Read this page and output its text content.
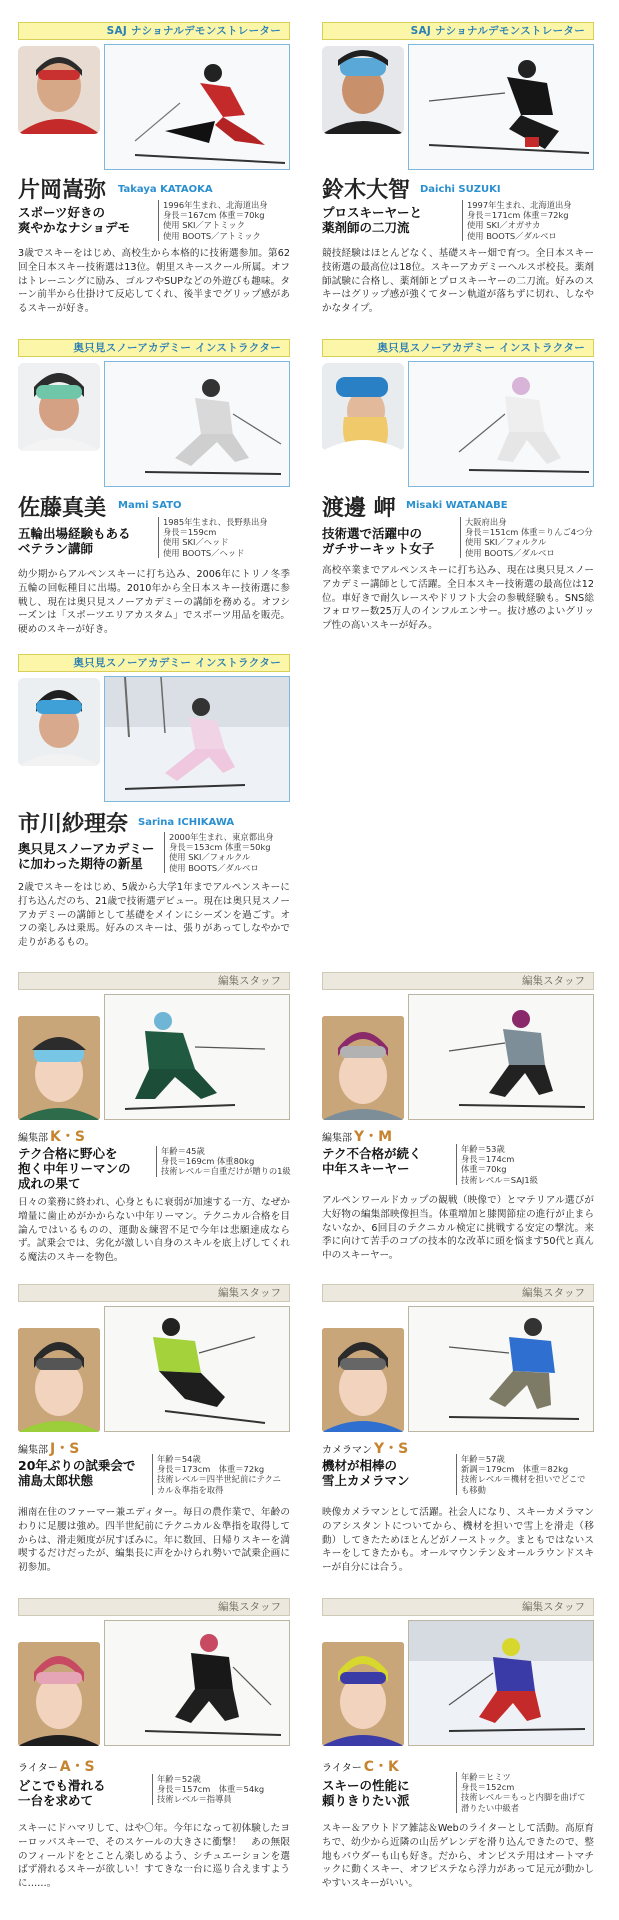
SAJ ナショナルデモンストレーター
片岡嵩弥 Takaya KATAOKA
スポーツ好きの
爽やかなナショデモ
1996年生まれ、北海道出身
身長＝167cm 体重＝70kg
使用 SKI／アトミック
使用 BOOTS／アトミック
3歳でスキーをはじめ、高校生から本格的に技術選参加。第62回全日本スキー技術選は13位。朝里スキースクール所属。オフはトレーニングに励み、ゴルフやSUPなどの外遊びも趣味。ターン前半から仕掛けて反応してくれ、後半までグリップ感があるスキーが好き。
SAJ ナショナルデモンストレーター
鈴木大智 Daichi SUZUKI
プロスキーヤーと
薬剤師の二刀流
1997年生まれ、北海道出身
身長＝171cm 体重＝72kg
使用 SKI／オガサカ
使用 BOOTS／ダルベロ
競技経験はほとんどなく、基礎スキー畑で育つ。全日本スキー技術選の最高位は18位。スキーアカデミーヘルスポ校長。薬剤師試験に合格し、薬剤師とプロスキーヤーの二刀流。好みのスキーはグリップ感が強くてターン軌道が落ちずに切れ、しなやかなタイプ。
奥只見スノーアカデミー インストラクター
佐藤真美 Mami SATO
五輪出場経験もある
ベテラン講師
1985年生まれ、長野県出身
身長＝159cm
使用 SKI／ヘッド
使用 BOOTS／ヘッド
幼少期からアルペンスキーに打ち込み、2006年にトリノ冬季五輪の回転種目に出場。2010年から全日本スキー技術選に参戦し、現在は奥只見スノーアカデミーの講師を務める。オフシーズンは「スポーツエリアカスタム」でスポーツ用品を販売。硬めのスキーが好き。
奥只見スノーアカデミー インストラクター
渡邊 岬 Misaki WATANABE
技術選で活躍中の
ガチサーキット女子
大阪府出身
身長＝151cm 体重＝りんご4つ分
使用 SKI／フォルクル
使用 BOOTS／ダルベロ
高校卒業までアルペンスキーに打ち込み、現在は奥只見スノーアカデミー講師として活躍。全日本スキー技術選の最高位は12位。車好きで耐久レースやドリフト大会の参戦経験も。SNS総フォロワー数25万人のインフルエンサー。抜け感のよいグリップ性の高いスキーが好み。
奥只見スノーアカデミー インストラクター
市川紗理奈 Sarina ICHIKAWA
奥只見スノーアカデミー
に加わった期待の新星
2000年生まれ、東京都出身
身長＝153cm 体重＝50kg
使用 SKI／フォルクル
使用 BOOTS／ダルベロ
2歳でスキーをはじめ、5歳から大学1年までアルペンスキーに打ち込んだのち、21歳で技術選デビュー。現在は奥只見スノーアカデミーの講師として基礎をメインにシーズンを過ごす。オフの楽しみは乗馬。好みのスキーは、張りがあってしなやかで走りがあるもの。
編集スタッフ
編集部 K・S
テク合格に野心を
抱く中年リーマンの
成れの果て
年齢＝45歳
身長＝169cm 体重80kg
技術レベル＝自重だけが贈りの1級
日々の業務に終われ、心身ともに衰弱が加速する一方、なぜか増量に歯止めがかからない中年リーマン。テクニカル合格を目論んではいるものの、運動＆練習不足で今年は悲願達成ならず。試乗会では、劣化が激しい自身のスキルを底上げしてくれる魔法のスキーを物色。
編集スタッフ
編集部 Y・M
テク不合格が続く
中年スキーヤー
年齢＝53歳
身長＝174cm
体重＝70kg
技術レベル＝SAJ1級
アルペンワールドカップの観戦（映像で）とマテリアル選びが大好物の編集部映像担当。体重増加と膝関節症の進行が止まらないなか、6回目のテクニカル検定に挑戦する安定の撃沈。来季に向けて苦手のコブの技本的な改革に頭を悩ます50代と真ん中のスキーヤー。
編集スタッフ
編集部 J・S
20年ぶりの試乗会で
浦島太郎状態
年齢＝54歳
身長＝173cm　体重＝72kg
技術レベル＝四半世紀前にテクニ
カル＆準指を取得
湘南在住のファーマー兼エディター。毎日の農作業で、年齢のわりに足腰は強め。四半世紀前にテクニカル＆準指を取得してからは、滑走頻度が尻すぼみに。年に数回、日帰りスキーを満喫するだけだったが、編集長に声をかけられ勢いで試乗企画に初参加。
編集スタッフ
カメラマン Y・S
機材が相棒の
雪上カメラマン
年齢＝57歳
新調＝179cm　体重＝82kg
技術レベル＝機材を担いでどこで
も移動
映像カメラマンとして活躍。社会人になり、スキーカメラマンのアシスタントについてから、機材を担いで雪上を滑走（移動）してきたためほとんどがノーストック。まともではないスキーをしてきたかも。オールマウンテン＆オールラウンドスキーが自分には合う。
編集スタッフ
ライター A・S
どこでも滑れる
一台を求めて
年齢＝52歳
身長＝157cm　体重＝54kg
技術レベル＝指導員
スキーにドハマリして、はや〇年。今年になって初体験したヨーロッパスキーで、そのスケールの大きさに衝撃！　あの無限のフィールドをとことん楽しめるよう、シチュエーションを選ばず滑れるスキーが欲しい！すてきな一台に巡り合えますように……。
編集スタッフ
ライター C・K
スキーの性能に
頼りきりたい派
年齢＝ヒミツ
身長＝152cm
技術レベル＝もっと内脚を曲げて
滑りたい中級者
スキー＆アウトドア雑誌＆Webのライターとして活動。高原育ちで、幼少から近隣の山岳ゲレンデを滑り込んできたので、整地もパウダーも山も好き。だから、オンピステ用はオートマチックに動くスキー、オフピステなら浮力があって足元が動かしやすいスキーがいい。
